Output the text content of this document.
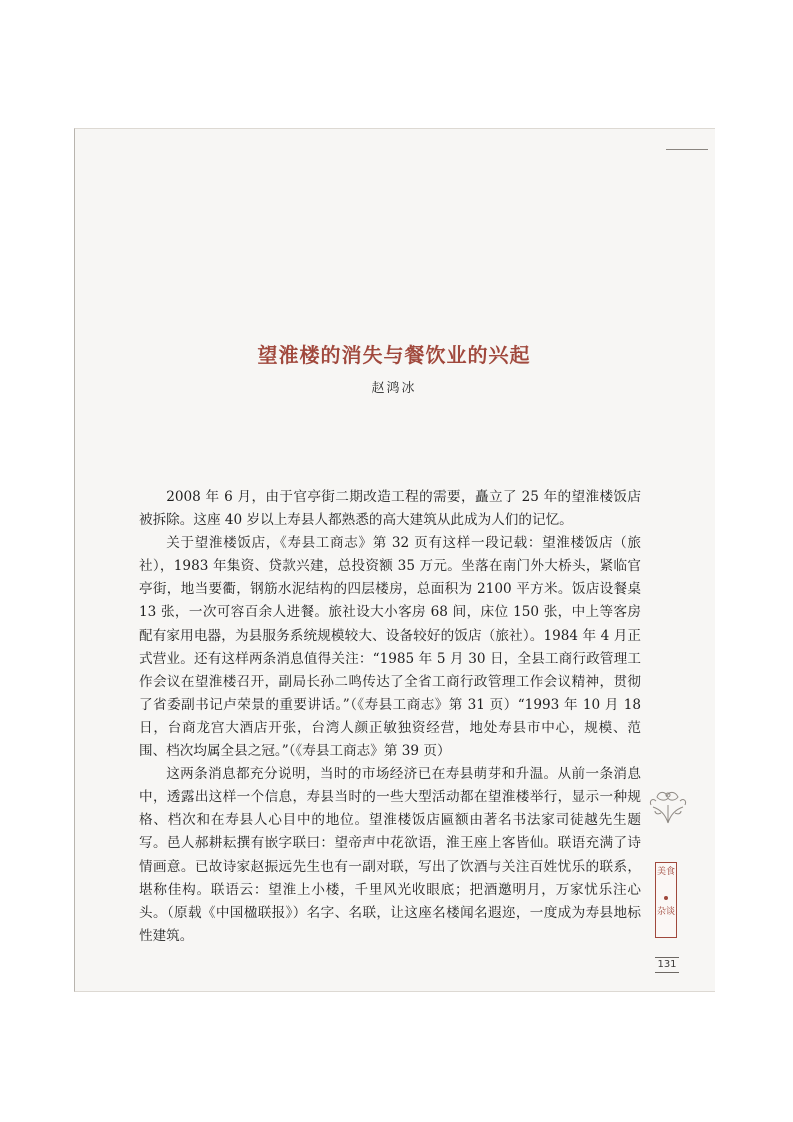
望淮楼的消失与餐饮业的兴起
赵鸿冰

2008 年 6 月，由于官亭街二期改造工程的需要，矗立了 25 年的望淮楼饭店被拆除。这座 40 岁以上寿县人都熟悉的高大建筑从此成为人们的记忆。

关于望淮楼饭店，《寿县工商志》第 32 页有这样一段记载：望淮楼饭店（旅社），1983 年集资、贷款兴建，总投资额 35 万元。坐落在南门外大桥头，紧临官亭街，地当要衢，钢筋水泥结构的四层楼房，总面积为 2100 平方米。饭店设餐桌 13 张，一次可容百余人进餐。旅社设大小客房 68 间，床位 150 张，中上等客房配有家用电器，为县服务系统规模较大、设备较好的饭店（旅社）。1984 年 4 月正式营业。还有这样两条消息值得关注：“1985 年 5 月 30 日，全县工商行政管理工作会议在望淮楼召开，副局长孙二鸣传达了全省工商行政管理工作会议精神，贯彻了省委副书记卢荣景的重要讲话。”（《寿县工商志》第 31 页）“1993 年 10 月 18 日，台商龙宫大酒店开张，台湾人颜正敏独资经营，地处寿县市中心，规模、范围、档次均属全县之冠。”（《寿县工商志》第 39 页）

这两条消息都充分说明，当时的市场经济已在寿县萌芽和升温。从前一条消息中，透露出这样一个信息，寿县当时的一些大型活动都在望淮楼举行，显示一种规格、档次和在寿县人心目中的地位。望淮楼饭店匾额由著名书法家司徒越先生题写。邑人郝耕耘撰有嵌字联曰：望帝声中花欲语，淮王座上客皆仙。联语充满了诗情画意。已故诗家赵振远先生也有一副对联，写出了饮酒与关注百姓忧乐的联系，堪称佳构。联语云：望淮上小楼，千里风光收眼底；把酒邀明月，万家忧乐注心头。（原载《中国楹联报》）名字、名联，让这座名楼闻名遐迩，一度成为寿县地标性建筑。

美食
杂谈
131
